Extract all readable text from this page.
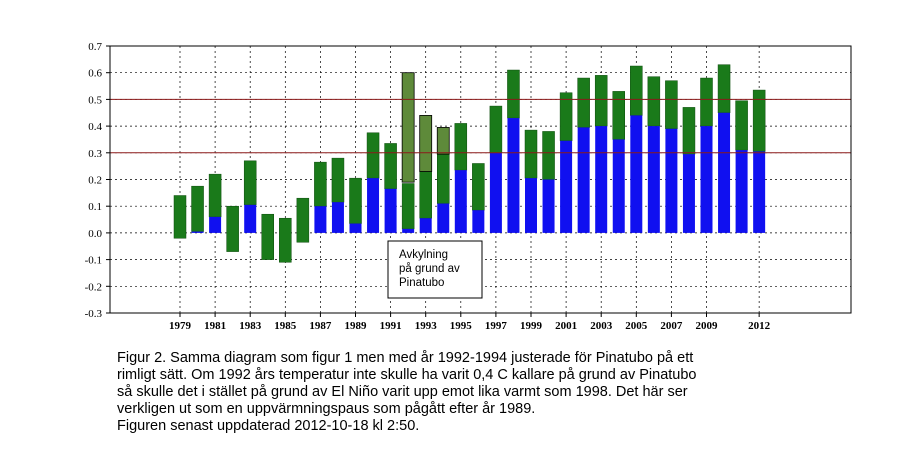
-0.3
-0.2
-0.1
0.0
0.1
0.2
0.3
0.4
0.5
0.6
0.7
1979 1981 1983 1985 1987 1989 1991 1993 1995 1997 1999 2001 2003 2005 2007 2009	2012
Avkylning
på grund av
Pinatubo
Figur 2. Samma diagram som figur 1 men med år 1992-1994 justerade för Pinatubo på ett
rimligt sätt. Om 1992 års temperatur inte skulle ha varit 0,4 C kallare på grund av Pinatubo
så skulle det i stället på grund av El Niño varit upp emot lika varmt som 1998. Det här ser
verkligen ut som en uppvärmningspaus som pågått efter år 1989.
Figuren senast uppdaterad 2012-10-18 kl 2:50.
